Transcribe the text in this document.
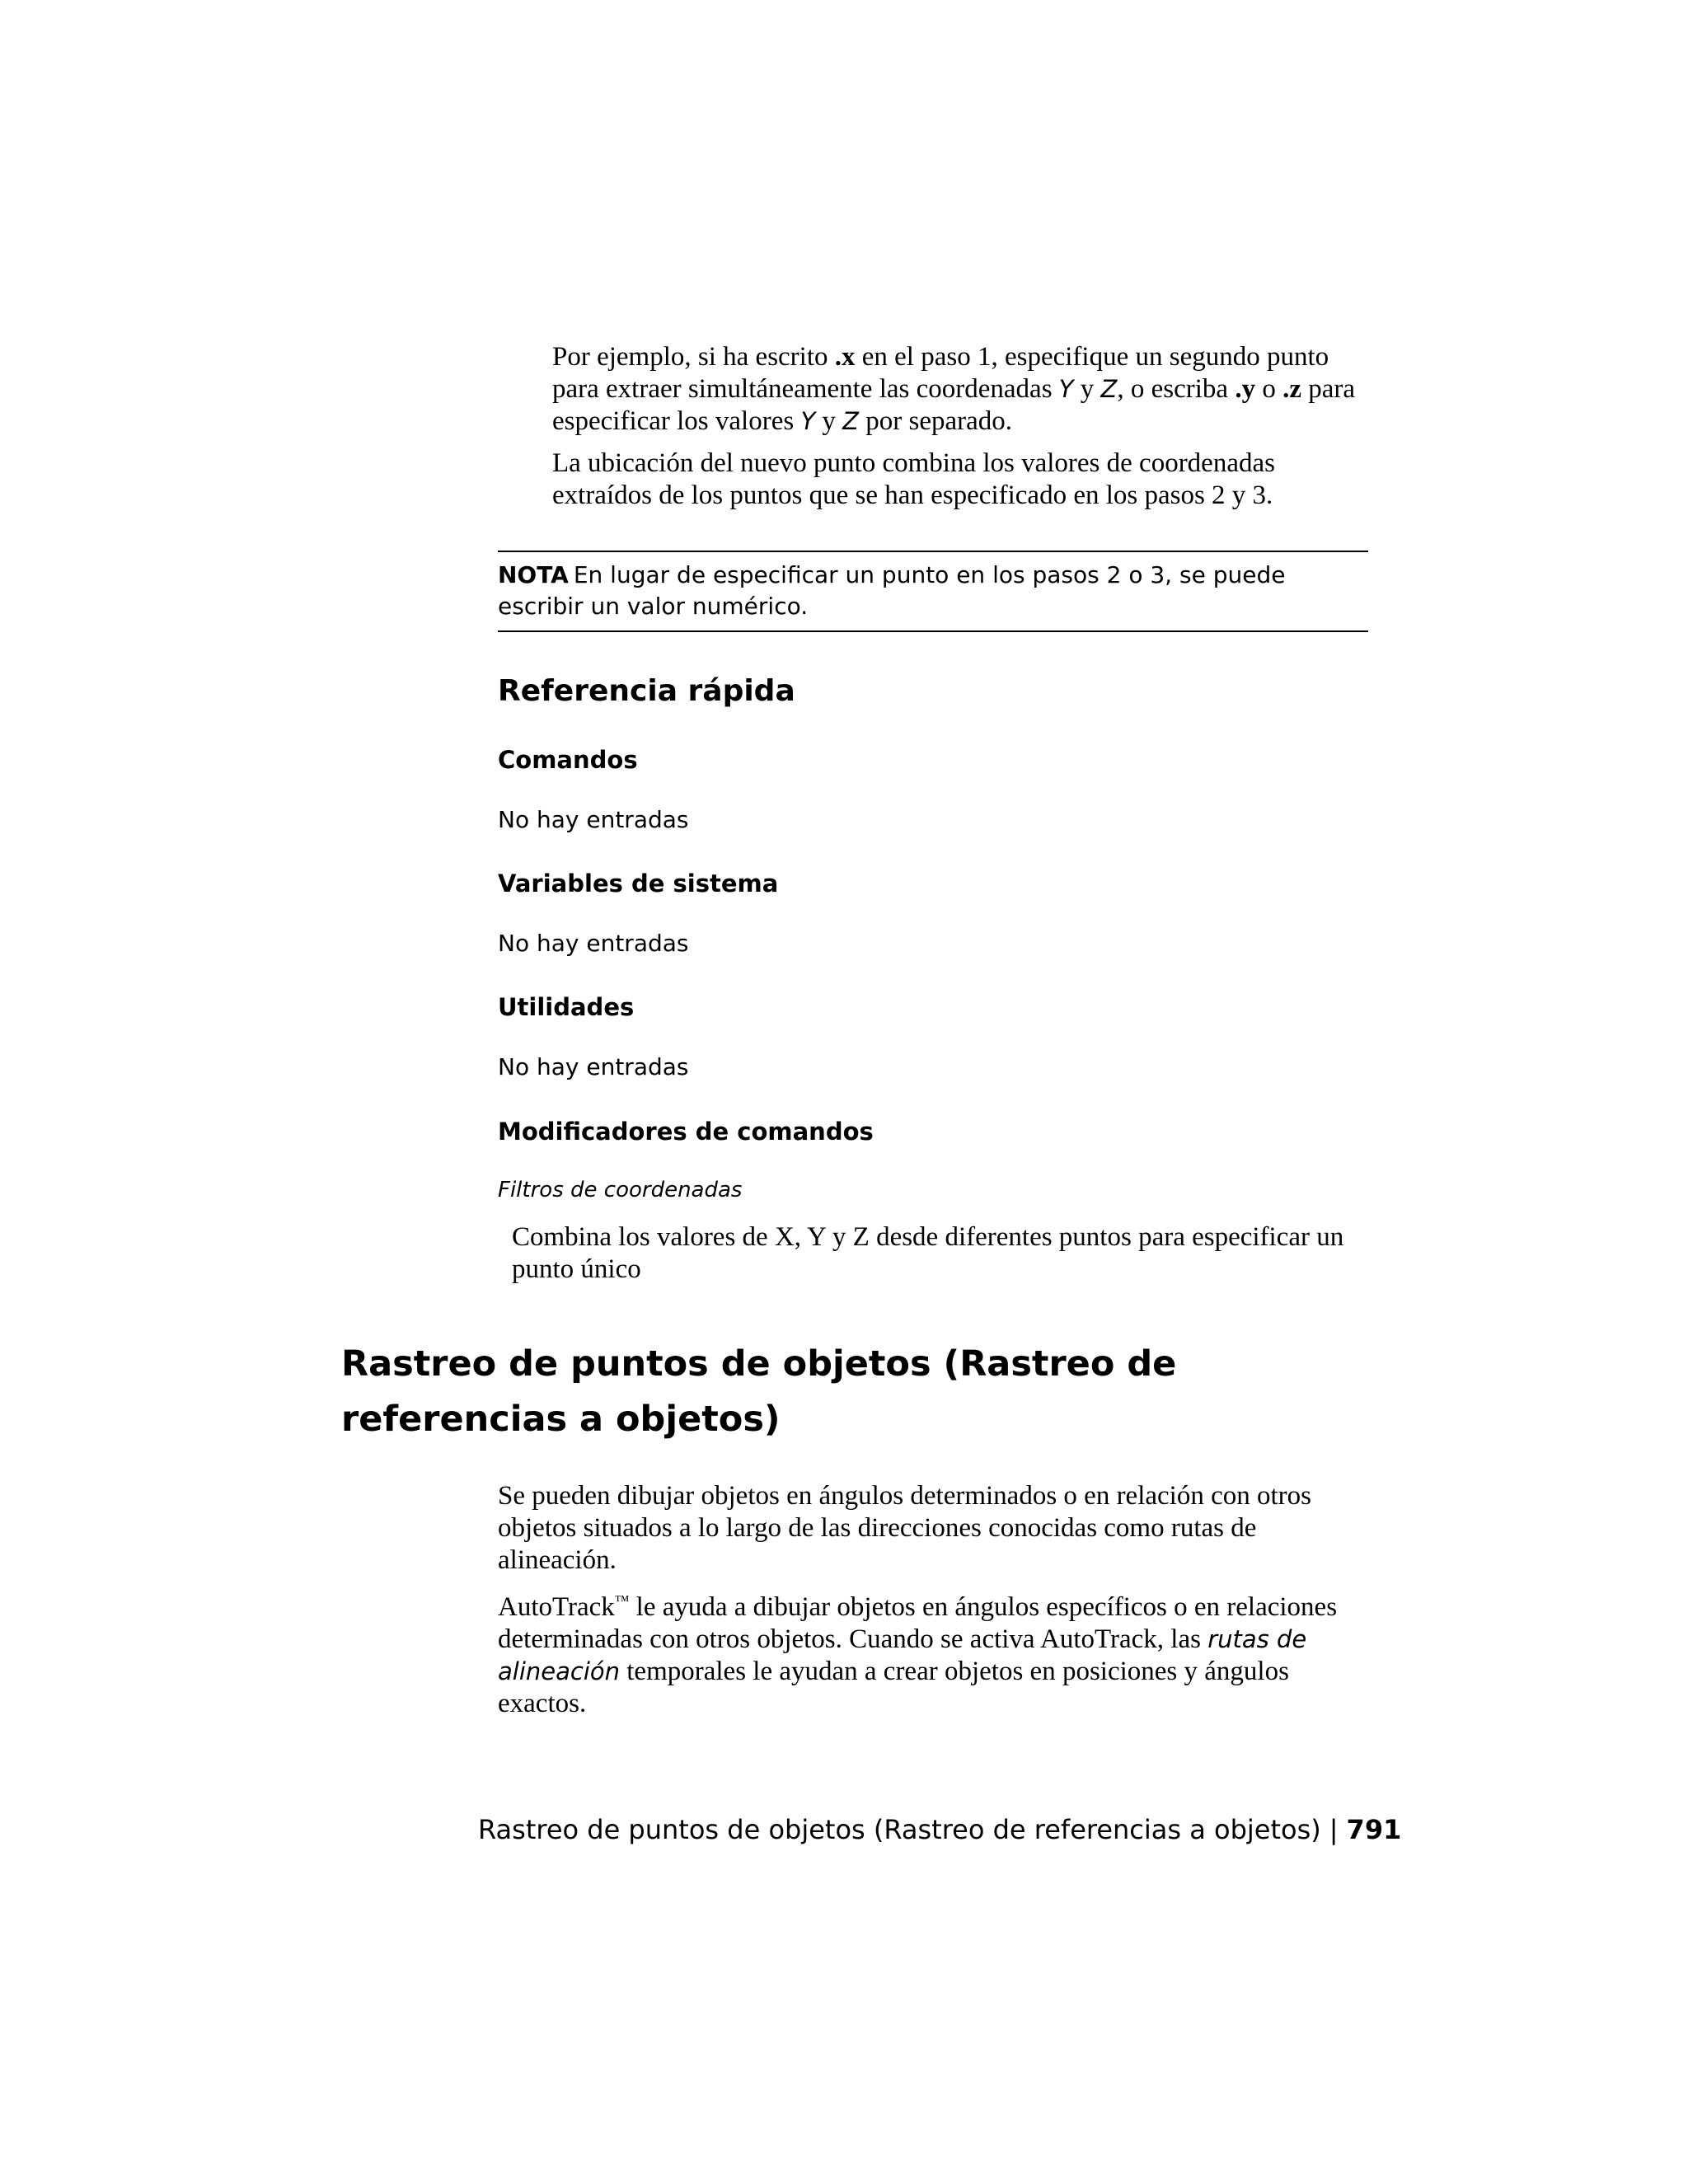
Por ejemplo, si ha escrito .x en el paso 1, especifique un segundo punto para extraer simultáneamente las coordenadas Y y Z, o escriba .y o .z para especificar los valores Y y Z por separado.

La ubicación del nuevo punto combina los valores de coordenadas extraídos de los puntos que se han especificado en los pasos 2 y 3.

NOTA En lugar de especificar un punto en los pasos 2 o 3, se puede escribir un valor numérico.

Referencia rápida
Comandos

No hay entradas

Variables de sistema

No hay entradas

Utilidades

No hay entradas

Modificadores de comandos

Filtros de coordenadas

Combina los valores de X, Y y Z desde diferentes puntos para especificar un punto único

Rastreo de puntos de objetos (Rastreo de referencias a objetos)

Se pueden dibujar objetos en ángulos determinados o en relación con otros objetos situados a lo largo de las direcciones conocidas como rutas de alineación.

AutoTrack™ le ayuda a dibujar objetos en ángulos específicos o en relaciones determinadas con otros objetos. Cuando se activa AutoTrack, las rutas de alineación temporales le ayudan a crear objetos en posiciones y ángulos exactos.

Rastreo de puntos de objetos (Rastreo de referencias a objetos) | 791
